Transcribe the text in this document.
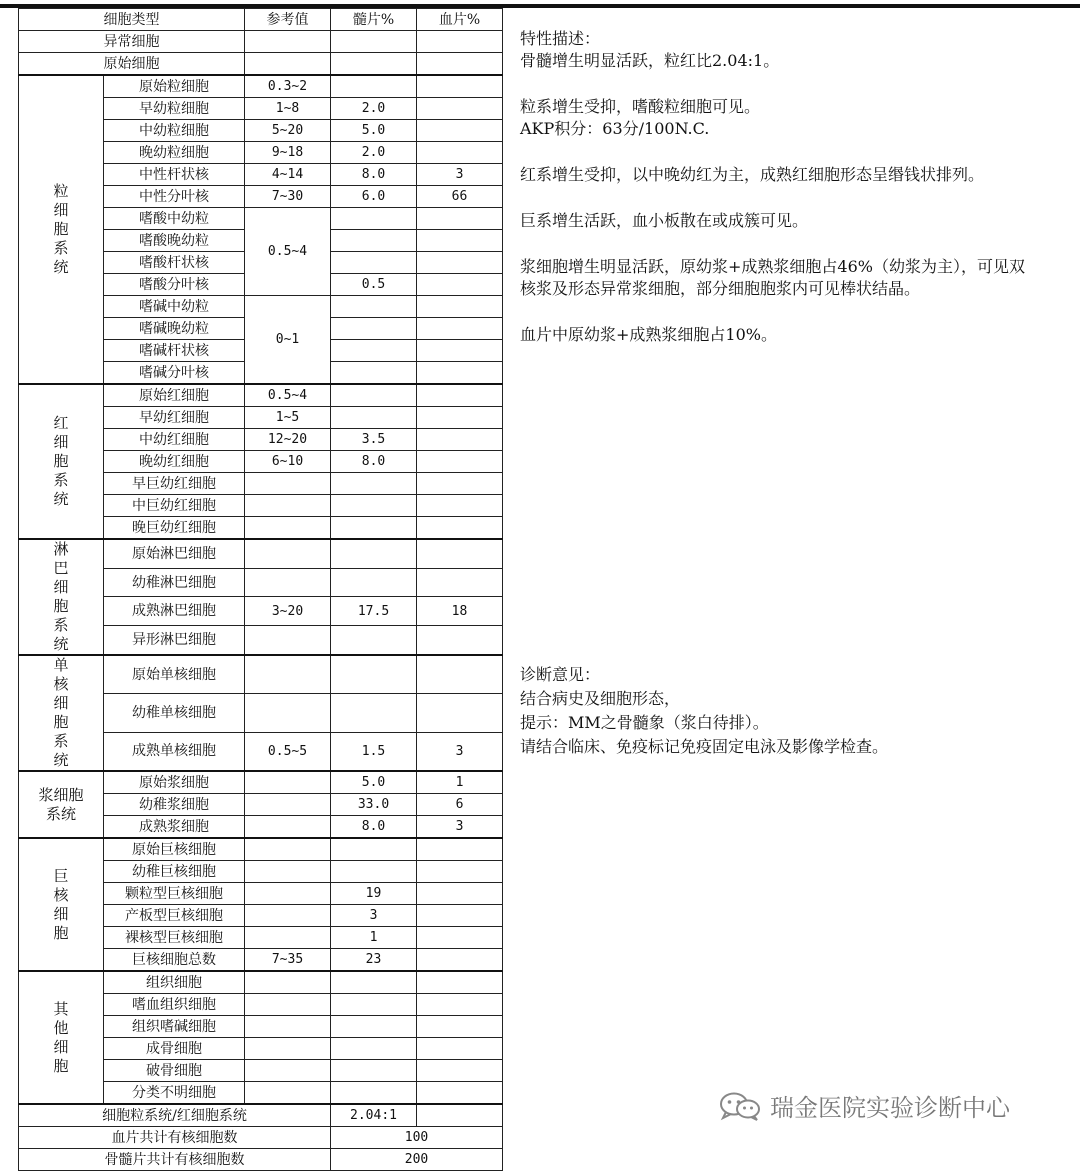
细胞类型		参考值	髓片%	血片%
异常细胞				
原始细胞				
粒细胞系统	原始粒细胞	0.3~2		
	早幼粒细胞	1~8	2.0	
	中幼粒细胞	5~20	5.0	
	晚幼粒细胞	9~18	2.0	
	中性杆状核	4~14	8.0	3
	中性分叶核	7~30	6.0	66
	嗜酸中幼粒	0.5~4		
	嗜酸晚幼粒			
	嗜酸杆状核			
	嗜酸分叶核		0.5	
	嗜碱中幼粒	0~1		
	嗜碱晚幼粒			
	嗜碱杆状核			
	嗜碱分叶核			
红细胞系统	原始红细胞	0.5~4		
	早幼红细胞	1~5		
	中幼红细胞	12~20	3.5	
	晚幼红细胞	6~10	8.0	
	早巨幼红细胞			
	中巨幼红细胞			
	晚巨幼红细胞			
淋巴细胞系统	原始淋巴细胞			
	幼稚淋巴细胞			
	成熟淋巴细胞	3~20	17.5	18
	异形淋巴细胞			
单核细胞系统	原始单核细胞			
	幼稚单核细胞			
	成熟单核细胞	0.5~5	1.5	3
浆细胞系统	原始浆细胞		5.0	1
	幼稚浆细胞		33.0	6
	成熟浆细胞		8.0	3
巨核细胞	原始巨核细胞			
	幼稚巨核细胞			
	颗粒型巨核细胞		19	
	产板型巨核细胞		3	
	裸核型巨核细胞		1	
	巨核细胞总数	7~35	23	
其他细胞	组织细胞			
	嗜血组织细胞			
	组织嗜碱细胞			
	成骨细胞			
	破骨细胞			
	分类不明细胞			
细胞粒系统/红细胞系统			2.04:1	
血片共计有核细胞数			100	
骨髓片共计有核细胞数			200	

特性描述：

骨髓增生明显活跃，粒红比2.04:1。

粒系增生受抑，嗜酸粒细胞可见。
AKP积分：63分/100N.C.

红系增生受抑，以中晚幼红为主，成熟红细胞形态呈缗钱状排列。

巨系增生活跃，血小板散在或成簇可见。

浆细胞增生明显活跃，原幼浆+成熟浆细胞占46%（幼浆为主），可见双核浆及形态异常浆细胞，部分细胞胞浆内可见棒状结晶。

血片中原幼浆+成熟浆细胞占10%。

诊断意见：

结合病史及细胞形态，

提示：MM之骨髓象（浆白待排）。

请结合临床、免疫标记免疫固定电泳及影像学检查。

瑞金医院实验诊断中心
